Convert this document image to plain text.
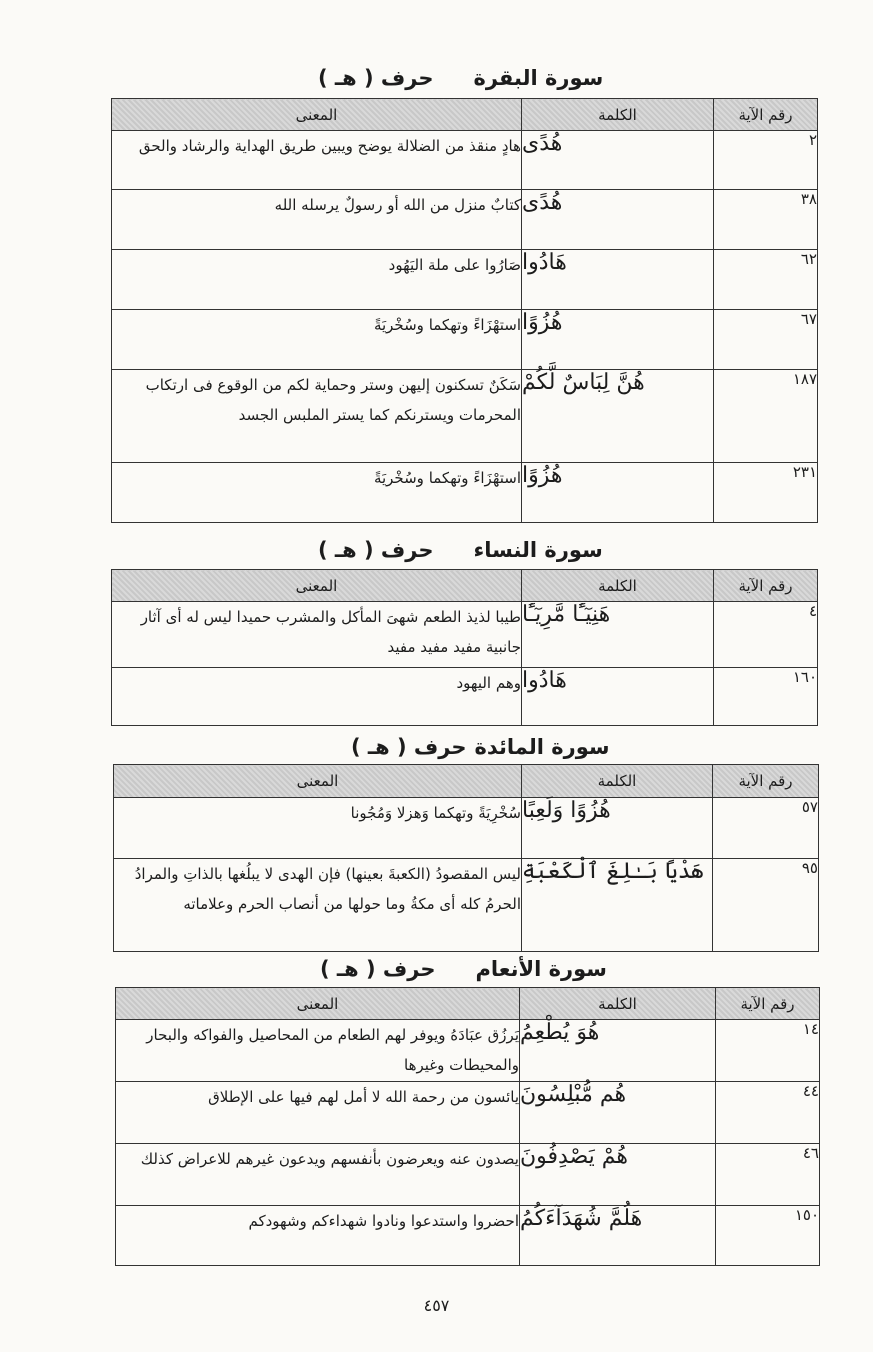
سورة البقرة
حرف ( هـ )
رقم الآية	الكلمة	المعنى
٢	هُدًى	هادٍ منقذ من الضلالة يوضح ويبين طريق الهداية والرشاد والحق
٣٨	هُدًى	كتابٌ منزل من الله أو رسولٌ يرسله الله
٦٢	هَادُوا	صَارُوا على ملة اليَهُود
٦٧	هُزُوًا	استهْزَاءً وتهكما وسُخْريَةً
١٨٧	هُنَّ لِبَاسٌ لَّكُمْ	سَكَنٌ تسكنون إليهن وستر وحماية لكم من الوقوع فى ارتكاب المحرمات ويسترنكم كما يستر الملبس الجسد
٢٣١	هُزُوًا	استهْزَاءً وتهكما وسُخْريَةً
سورة النساء
حرف ( هـ )
رقم الآية	الكلمة	المعنى
٤	هَنِيٓـًٔا مَّرِيٓـًٔا	طيبا لذيذ الطعم شهىَ المأكل والمشرب حميدا ليس له أى آثار جانبية مفيد مفيد مفيد
١٦٠	هَادُوا	وهم اليهود
سورة المائدة
حرف ( هـ )
رقم الآية	الكلمة	المعنى
٥٧	هُزُوًا وَلَعِبًا	سُخْرِيَةً وتهكما وَهزلا وَمُجُونا
٩٥	هَدْيًا بَـٰلِغَ ٱلْكَعْبَةِ	ليس المقصودُ (الكعبةَ بعينها) فإن الهدى لا يبلُغها بالذاتِ والمرادُ الحرمُ كله أى مكةُ وما حولها من أنصاب الحرم وعلاماته
سورة الأنعام
حرف ( هـ )
رقم الآية	الكلمة	المعنى
١٤	هُوَ يُطْعِمُ	يَرزُق عبَادَهُ ويوفر لهم الطعام من المحاصيل والفواكه والبحار والمحيطات وغيرها
٤٤	هُم مُّبْلِسُونَ	يائسون من رحمة الله لا أمل لهم فيها على الإطلاق
٤٦	هُمْ يَصْدِفُونَ	يصدون عنه ويعرضون بأنفسهم ويدعون غيرهم للاعراض كذلك
١٥٠	هَلُمَّ شُهَدَآءَكُمُ	احضروا واستدعوا ونادوا شهداءكم وشهودكم
٤٥٧
